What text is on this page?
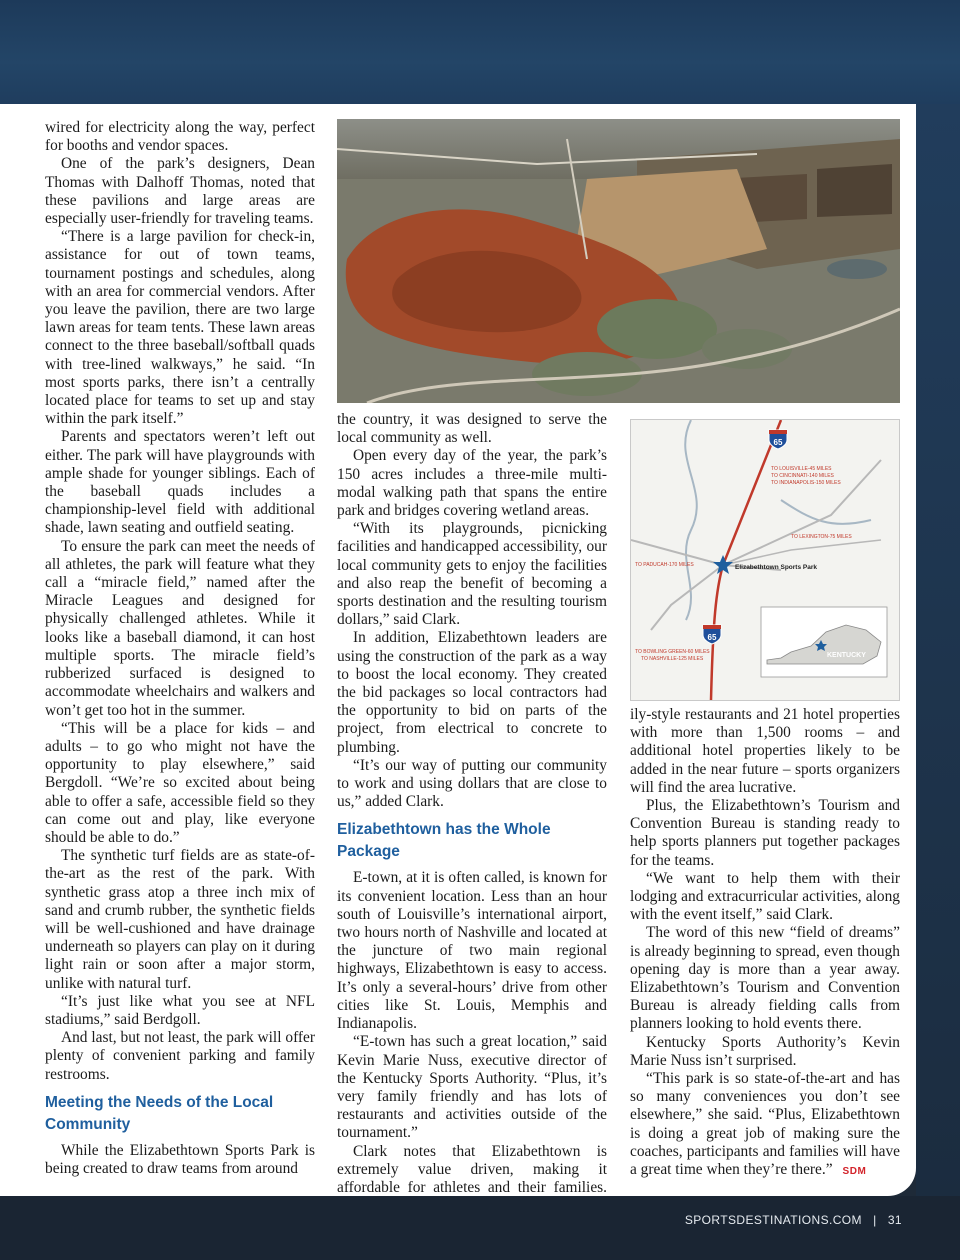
wired for electricity along the way, perfect for booths and vendor spaces.

One of the park’s designers, Dean Thomas with Dalhoff Thomas, noted that these pavilions and large areas are especially user-friendly for traveling teams.

“There is a large pavilion for check-in, assistance for out of town teams, tournament postings and schedules, along with an area for commercial vendors. After you leave the pavilion, there are two large lawn areas for team tents. These lawn areas connect to the three baseball/softball quads with tree-lined walkways,” he said. “In most sports parks, there isn’t a centrally located place for teams to set up and stay within the park itself.”

Parents and spectators weren’t left out either. The park will have playgrounds with ample shade for younger siblings. Each of the baseball quads includes a championship-level field with additional shade, lawn seating and outfield seating.

To ensure the park can meet the needs of all athletes, the park will feature what they call a “miracle field,” named after the Miracle Leagues and designed for physically challenged athletes. While it looks like a baseball diamond, it can host multiple sports. The miracle field’s rubberized surfaced is designed to accommodate wheelchairs and walkers and won’t get too hot in the summer.

“This will be a place for kids – and adults – to go who might not have the opportunity to play elsewhere,” said Bergdoll. “We’re so excited about being able to offer a safe, accessible field so they can come out and play, like everyone should be able to do.”

The synthetic turf fields are as state-of-the-art as the rest of the park. With synthetic grass atop a three inch mix of sand and crumb rubber, the synthetic fields will be well-cushioned and have drainage underneath so players can play on it during light rain or soon after a major storm, unlike with natural turf.

“It’s just like what you see at NFL stadiums,” said Berdgoll.

And last, but not least, the park will offer plenty of convenient parking and family restrooms.

Meeting the Needs of the Local Community

While the Elizabethtown Sports Park is being created to draw teams from around

the country, it was designed to serve the local community as well.

Open every day of the year, the park’s 150 acres includes a three-mile multi-modal walking path that spans the entire park and bridges covering wetland areas.

“With its playgrounds, picnicking facilities and handicapped accessibility, our local community gets to enjoy the facilities and also reap the benefit of becoming a sports destination and the resulting tourism dollars,” said Clark.

In addition, Elizabethtown leaders are using the construction of the park as a way to boost the local economy. They created the bid packages so local contractors had the opportunity to bid on parts of the project, from electrical to concrete to plumbing.

“It’s our way of putting our community to work and using dollars that are close to us,” added Clark.

Elizabethtown has the Whole Package

E-town, at it is often called, is known for its convenient location. Less than an hour south of Louisville’s international airport, two hours north of Nashville and located at the juncture of two main regional highways, Elizabethtown is easy to access. It’s only a several-hours’ drive from other cities like St. Louis, Memphis and Indianapolis.

“E-town has such a great location,” said Kevin Marie Nuss, executive director of the Kentucky Sports Authority. “Plus, it’s very family friendly and has lots of restaurants and activities outside of the tournament.”

Clark notes that Elizabethtown is extremely value driven, making it affordable for athletes and their families.

65
65
TO LOUISVILLE-45 MILES
TO CINCINNATI-140 MILES
TO INDIANAPOLIS-150 MILES
TO LEXINGTON-75 MILES
TO PADUCAH-170 MILES
TO BOWLING GREEN-60 MILES
TO NASHVILLE-125 MILES
Elizabethtown Sports Park
KENTUCKY

ily-style restaurants and 21 hotel properties with more than 1,500 rooms – and additional hotel properties likely to be added in the near future – sports organizers will find the area lucrative.

Plus, the Elizabethtown’s Tourism and Convention Bureau is standing ready to help sports planners put together packages for the teams.

“We want to help them with their lodging and extracurricular activities, along with the event itself,” said Clark.

The word of this new “field of dreams” is already beginning to spread, even though opening day is more than a year away. Elizabethtown’s Tourism and Convention Bureau is already fielding calls from planners looking to hold events there.

Kentucky Sports Authority’s Kevin Marie Nuss isn’t surprised.

“This park is so state-of-the-art and has so many conveniences you don’t see elsewhere,” she said. “Plus, Elizabethtown is doing a great job of making sure the coaches, participants and families will have a great time when they’re there.” SDM

SPORTSDESTINATIONS.COM | 31
